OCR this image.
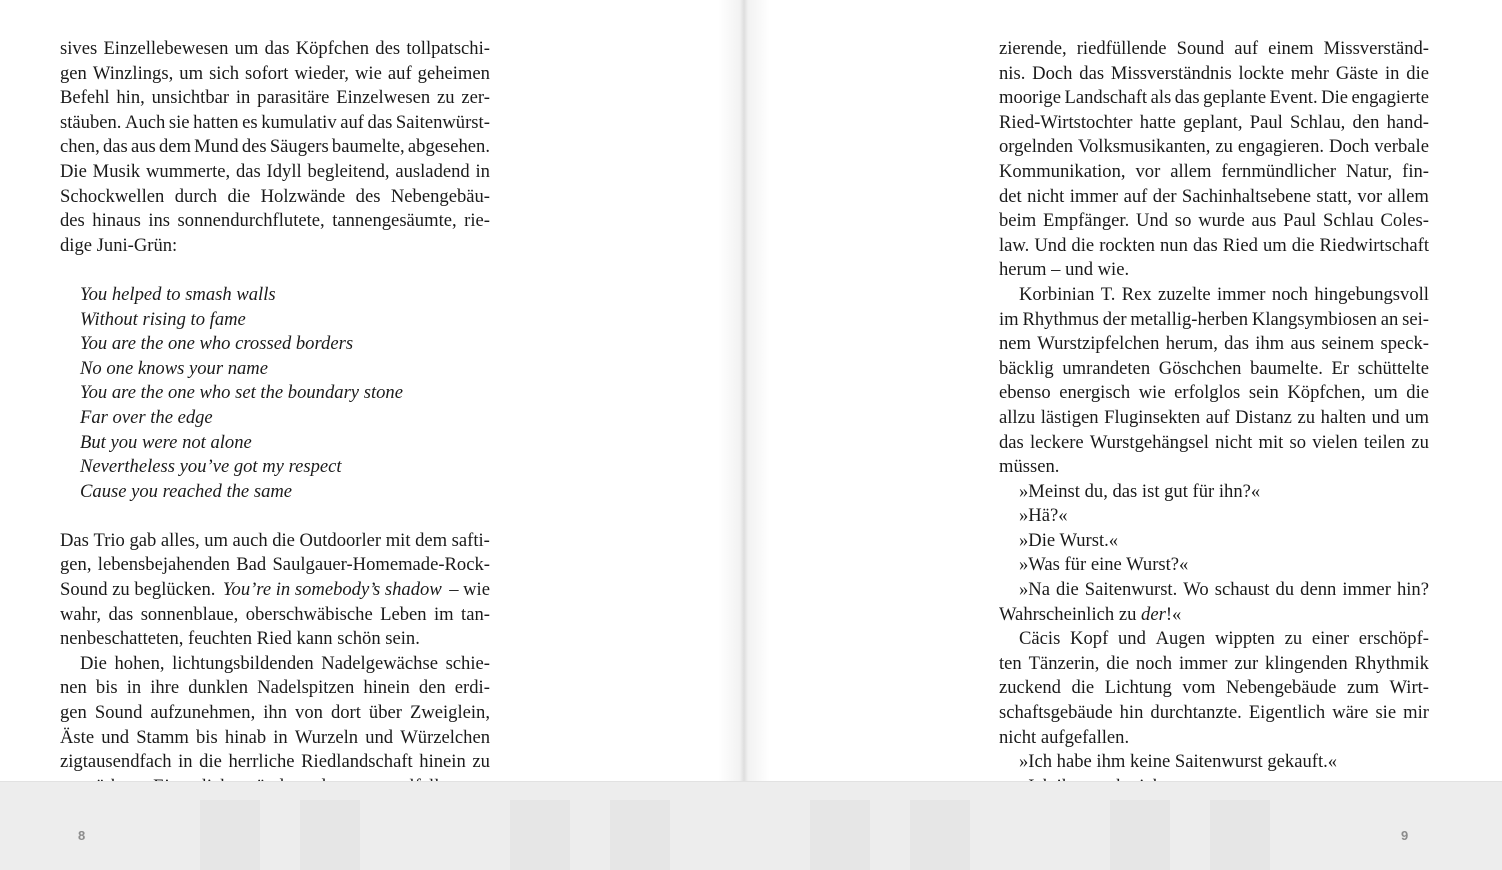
sives Einzellebewesen um das Köpfchen des tollpatschi-
gen Winzlings, um sich sofort wieder, wie auf geheimen
Befehl hin, unsichtbar in parasitäre Einzelwesen zu zer-
stäuben. Auch sie hatten es kumulativ auf das Saitenwürst-
chen, das aus dem Mund des Säugers baumelte, abgesehen.
Die Musik wummerte, das Idyll begleitend, ausladend in
Schockwellen durch die Holzwände des Nebengebäu-
des hinaus ins sonnendurchflutete, tannengesäumte, rie-
dige Juni-Grün:
You helped to smash walls
Without rising to fame
You are the one who crossed borders
No one knows your name
You are the one who set the boundary stone
Far over the edge
But you were not alone
Nevertheless you’ve got my respect
Cause you reached the same
Das Trio gab alles, um auch die Outdoorler mit dem safti-
gen, lebensbejahenden Bad Saulgauer-Homemade-Rock-
Sound zu beglücken. You’re in somebody’s shadow – wie
wahr, das sonnenblaue, oberschwäbische Leben im tan-
nenbeschatteten, feuchten Ried kann schön sein.
Die hohen, lichtungsbildenden Nadelgewächse schie-
nen bis in ihre dunklen Nadelspitzen hinein den erdi-
gen Sound aufzunehmen, ihn von dort über Zweiglein,
Äste und Stamm bis hinab in Wurzeln und Würzelchen
zigtausendfach in die herrliche Riedlandschaft hinein zu
zierende, riedfüllende Sound auf einem Missverständ-
nis. Doch das Missverständnis lockte mehr Gäste in die
moorige Landschaft als das geplante Event. Die engagierte
Ried-Wirtstochter hatte geplant, Paul Schlau, den hand-
orgelnden Volksmusikanten, zu engagieren. Doch verbale
Kommunikation, vor allem fernmündlicher Natur, fin-
det nicht immer auf der Sachinhaltsebene statt, vor allem
beim Empfänger. Und so wurde aus Paul Schlau Coles-
law. Und die rockten nun das Ried um die Riedwirtschaft
herum – und wie.
Korbinian T. Rex zuzelte immer noch hingebungsvoll
im Rhythmus der metallig-herben Klangsymbiosen an sei-
nem Wurstzipfelchen herum, das ihm aus seinem speck-
bäcklig umrandeten Göschchen baumelte. Er schüttelte
ebenso energisch wie erfolglos sein Köpfchen, um die
allzu lästigen Fluginsekten auf Distanz zu halten und um
das leckere Wurstgehängsel nicht mit so vielen teilen zu
müssen.
»Meinst du, das ist gut für ihn?«
»Hä?«
»Die Wurst.«
»Was für eine Wurst?«
»Na die Saitenwurst. Wo schaust du denn immer hin?
Wahrscheinlich zu der!«
Cäcis Kopf und Augen wippten zu einer erschöpf-
ten Tänzerin, die noch immer zur klingenden Rhythmik
zuckend die Lichtung vom Nebengebäude zum Wirt-
schaftsgebäude hin durchtanzte. Eigentlich wäre sie mir
nicht aufgefallen.
»Ich habe ihm keine Saitenwurst gekauft.«
8	9
